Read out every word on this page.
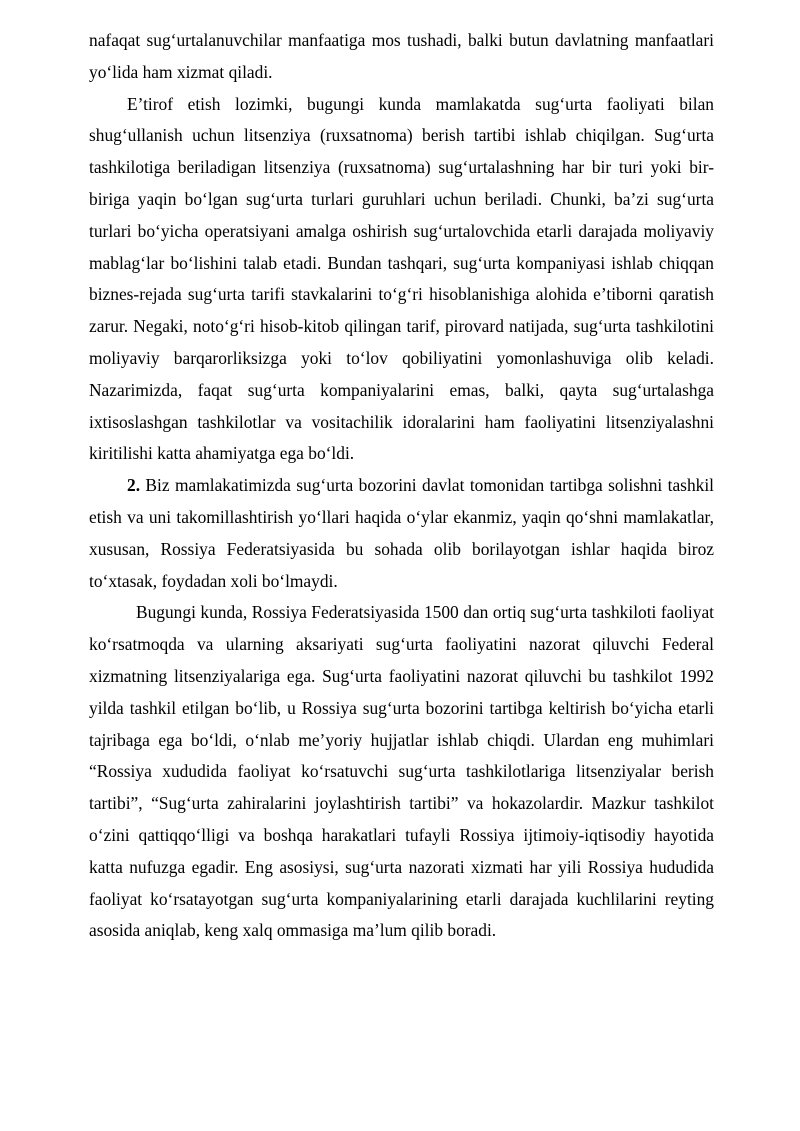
nafaqat sug‘urtalanuvchilar manfaatiga mos tushadi, balki butun davlatning manfaatlari yo‘lida ham xizmat qiladi.

E’tirof etish lozimki, bugungi kunda mamlakatda sug‘urta faoliyati bilan shug‘ullanish uchun litsenziya (ruxsatnoma) berish tartibi ishlab chiqilgan. Sug‘urta tashkilotiga beriladigan litsenziya (ruxsatnoma) sug‘urtalashning har bir turi yoki bir-biriga yaqin bo‘lgan sug‘urta turlari guruhlari uchun beriladi. Chunki, ba’zi sug‘urta turlari bo‘yicha operatsiyani amalga oshirish sug‘urtalovchida etarli darajada moliyaviy mablag‘lar bo‘lishini talab etadi. Bundan tashqari, sug‘urta kompaniyasi ishlab chiqqan biznes-rejada sug‘urta tarifi stavkalarini to‘g‘ri hisoblanishiga alohida e’tiborni qaratish zarur. Negaki, noto‘g‘ri hisob-kitob qilingan tarif, pirovard natijada, sug‘urta tashkilotini moliyaviy barqarorliksizga yoki to‘lov qobiliyatini yomonlashuviga olib keladi. Nazarimizda, faqat sug‘urta kompaniyalarini emas, balki, qayta sug‘urtalashga ixtisoslashgan tashkilotlar va vositachilik idoralarini ham faoliyatini litsenziyalashni kiritilishi katta ahamiyatga ega bo‘ldi.

2. Biz mamlakatimizda sug‘urta bozorini davlat tomonidan tartibga solishni tashkil etish va uni takomillashtirish yo‘llari haqida o‘ylar ekanmiz, yaqin qo‘shni mamlakatlar, xususan, Rossiya Federatsiyasida bu sohada olib borilayotgan ishlar haqida biroz to‘xtasak, foydadan xoli bo‘lmaydi.

Bugungi kunda, Rossiya Federatsiyasida 1500 dan ortiq sug‘urta tashkiloti faoliyat ko‘rsatmoqda va ularning aksariyati sug‘urta faoliyatini nazorat qiluvchi Federal xizmatning litsenziyalariga ega. Sug‘urta faoliyatini nazorat qiluvchi bu tashkilot 1992 yilda tashkil etilgan bo‘lib, u Rossiya sug‘urta bozorini tartibga keltirish bo‘yicha etarli tajribaga ega bo‘ldi, o‘nlab me’yoriy hujjatlar ishlab chiqdi. Ulardan eng muhimlari “Rossiya xududida faoliyat ko‘rsatuvchi sug‘urta tashkilotlariga litsenziyalar berish tartibi”, “Sug‘urta zahiralarini joylashtirish tartibi” va hokazolardir. Mazkur tashkilot o‘zini qattiqqo‘lligi va boshqa harakatlari tufayli Rossiya ijtimoiy-iqtisodiy hayotida katta nufuzga egadir. Eng asosiysi, sug‘urta nazorati xizmati har yili Rossiya hududida faoliyat ko‘rsatayotgan sug‘urta kompaniyalarining etarli darajada kuchlilarini reyting asosida aniqlab, keng xalq ommasiga ma’lum qilib boradi.
